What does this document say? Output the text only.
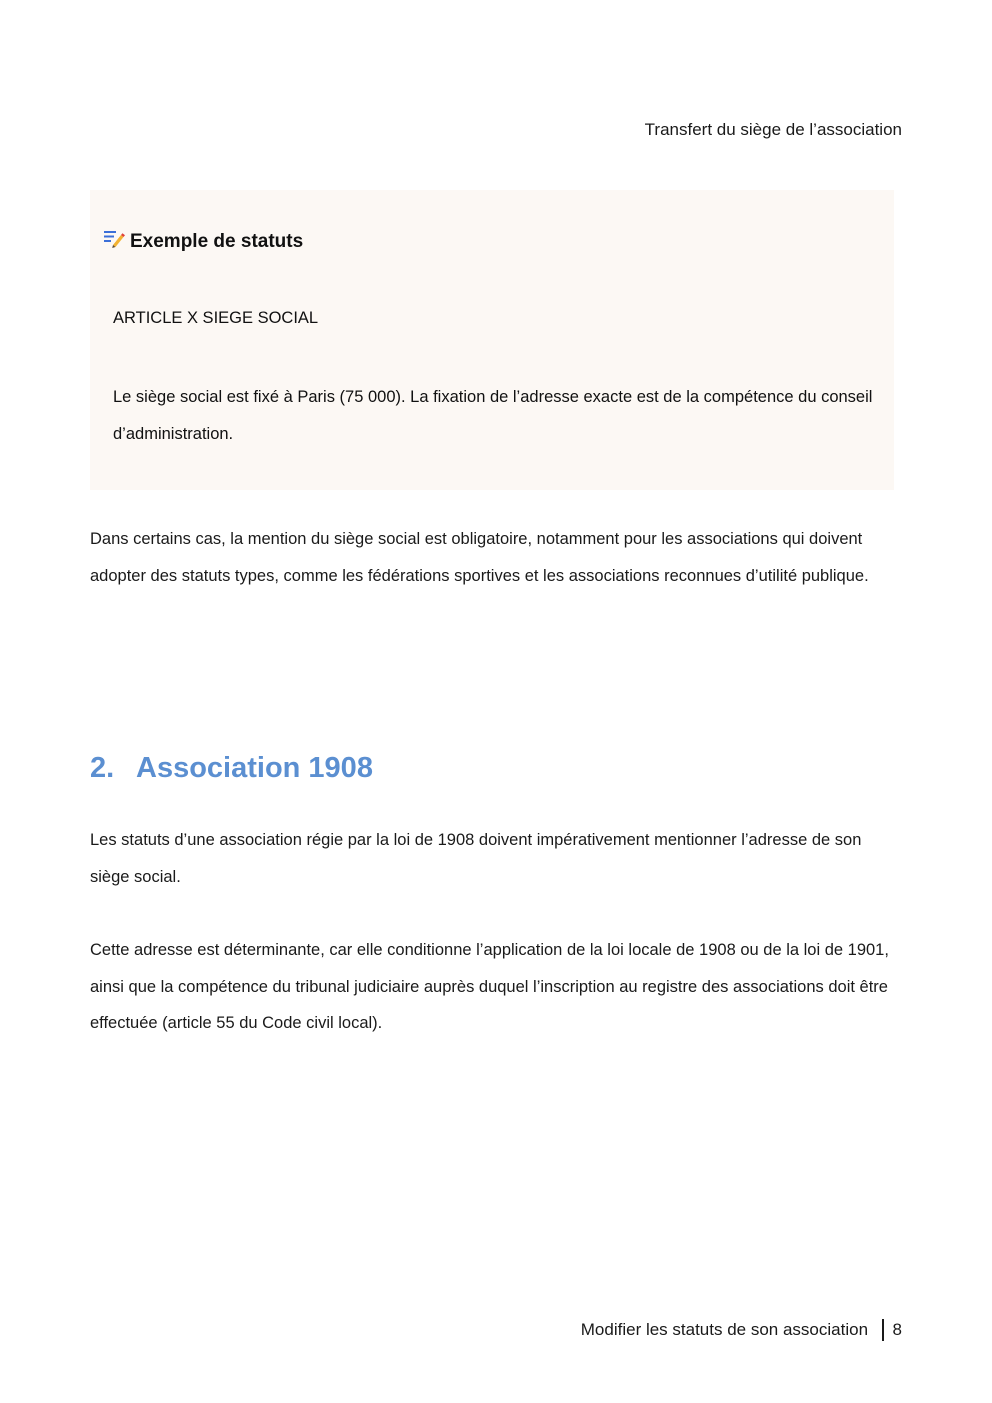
Transfert du siège de l’association
Exemple de statuts
ARTICLE X SIEGE SOCIAL
Le siège social est fixé à Paris (75 000). La fixation de l’adresse exacte est de la compétence du conseil d’administration.

Dans certains cas, la mention du siège social est obligatoire, notamment pour les associations qui doivent adopter des statuts types, comme les fédérations sportives et les associations reconnues d’utilité publique.

2. Association 1908

Les statuts d’une association régie par la loi de 1908 doivent impérativement mentionner l’adresse de son siège social.

Cette adresse est déterminante, car elle conditionne l’application de la loi locale de 1908 ou de la loi de 1901, ainsi que la compétence du tribunal judiciaire auprès duquel l’inscription au registre des associations doit être effectuée (article 55 du Code civil local).

Modifier les statuts de son association 8
